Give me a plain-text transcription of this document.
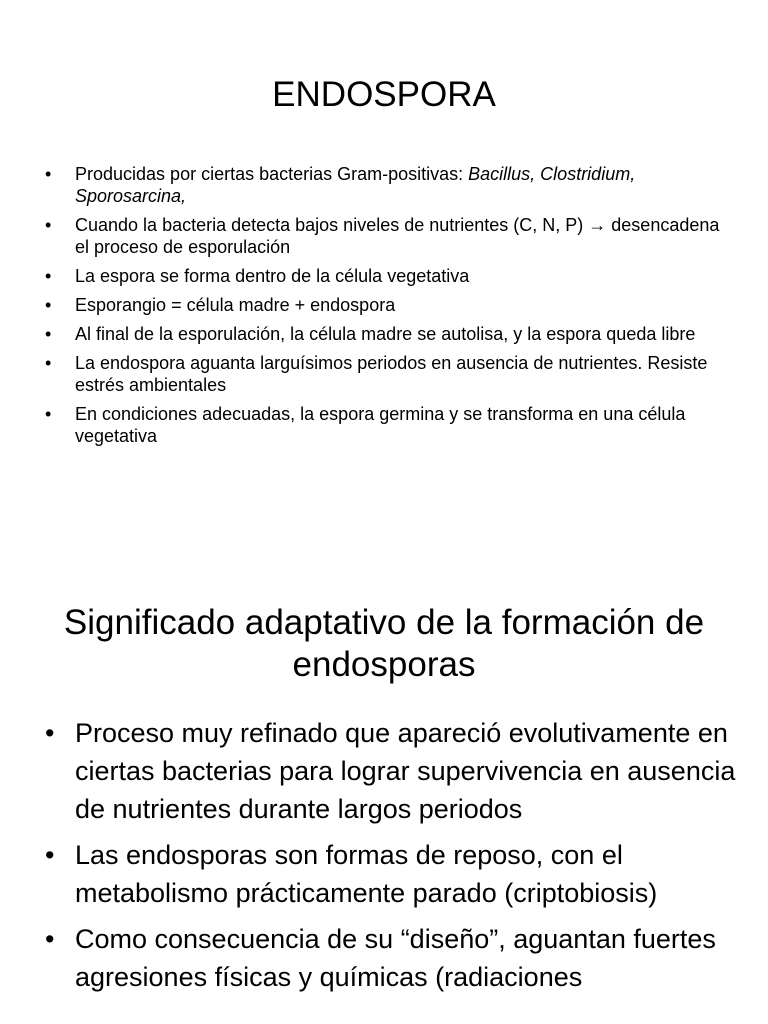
ENDOSPORA
• Producidas por ciertas bacterias Gram-positivas: Bacillus, Clostridium, Sporosarcina,
• Cuando la bacteria detecta bajos niveles de nutrientes (C, N, P) → desencadena el proceso de esporulación
• La espora se forma dentro de la célula vegetativa
• Esporangio = célula madre + endospora
• Al final de la esporulación, la célula madre se autolisa, y la espora queda libre
• La endospora aguanta larguísimos periodos en ausencia de nutrientes. Resiste estrés ambientales
• En condiciones adecuadas, la espora germina y se transforma en una célula vegetativa
Significado adaptativo de la formación de endosporas
• Proceso muy refinado que apareció evolutivamente en ciertas bacterias para lograr supervivencia en ausencia de nutrientes durante largos periodos
• Las endosporas son formas de reposo, con el metabolismo prácticamente parado (criptobiosis)
• Como consecuencia de su “diseño”, aguantan fuertes agresiones físicas y químicas (radiaciones
